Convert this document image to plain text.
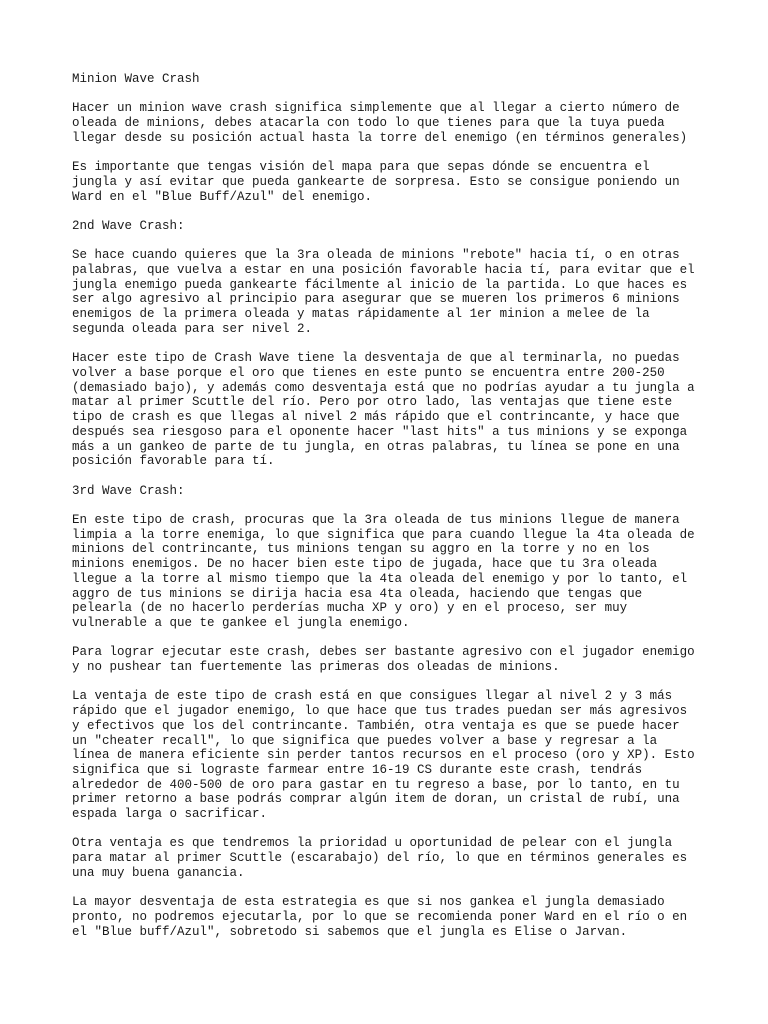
Minion Wave Crash
Hacer un minion wave crash significa simplemente que al llegar a cierto número de
oleada de minions, debes atacarla con todo lo que tienes para que la tuya pueda
llegar desde su posición actual hasta la torre del enemigo (en términos generales)
Es importante que tengas visión del mapa para que sepas dónde se encuentra el
jungla y así evitar que pueda gankearte de sorpresa. Esto se consigue poniendo un
Ward en el "Blue Buff/Azul" del enemigo.
2nd Wave Crash:
Se hace cuando quieres que la 3ra oleada de minions "rebote" hacia tí, o en otras
palabras, que vuelva a estar en una posición favorable hacia tí, para evitar que el
jungla enemigo pueda gankearte fácilmente al inicio de la partida. Lo que haces es
ser algo agresivo al principio para asegurar que se mueren los primeros 6 minions
enemigos de la primera oleada y matas rápidamente al 1er minion a melee de la
segunda oleada para ser nivel 2.
Hacer este tipo de Crash Wave tiene la desventaja de que al terminarla, no puedas
volver a base porque el oro que tienes en este punto se encuentra entre 200-250
(demasiado bajo), y además como desventaja está que no podrías ayudar a tu jungla a
matar al primer Scuttle del río. Pero por otro lado, las ventajas que tiene este
tipo de crash es que llegas al nivel 2 más rápido que el contrincante, y hace que
después sea riesgoso para el oponente hacer "last hits" a tus minions y se exponga
más a un gankeo de parte de tu jungla, en otras palabras, tu línea se pone en una
posición favorable para tí.
3rd Wave Crash:
En este tipo de crash, procuras que la 3ra oleada de tus minions llegue de manera
limpia a la torre enemiga, lo que significa que para cuando llegue la 4ta oleada de
minions del contrincante, tus minions tengan su aggro en la torre y no en los
minions enemigos. De no hacer bien este tipo de jugada, hace que tu 3ra oleada
llegue a la torre al mismo tiempo que la 4ta oleada del enemigo y por lo tanto, el
aggro de tus minions se dirija hacia esa 4ta oleada, haciendo que tengas que
pelearla (de no hacerlo perderías mucha XP y oro) y en el proceso, ser muy
vulnerable a que te gankee el jungla enemigo.
Para lograr ejecutar este crash, debes ser bastante agresivo con el jugador enemigo
y no pushear tan fuertemente las primeras dos oleadas de minions.
La ventaja de este tipo de crash está en que consigues llegar al nivel 2 y 3 más
rápido que el jugador enemigo, lo que hace que tus trades puedan ser más agresivos
y efectivos que los del contrincante. También, otra ventaja es que se puede hacer
un "cheater recall", lo que significa que puedes volver a base y regresar a la
línea de manera eficiente sin perder tantos recursos en el proceso (oro y XP). Esto
significa que si lograste farmear entre 16-19 CS durante este crash, tendrás
alrededor de 400-500 de oro para gastar en tu regreso a base, por lo tanto, en tu
primer retorno a base podrás comprar algún item de doran, un cristal de rubí, una
espada larga o sacrificar.
Otra ventaja es que tendremos la prioridad u oportunidad de pelear con el jungla
para matar al primer Scuttle (escarabajo) del río, lo que en términos generales es
una muy buena ganancia.
La mayor desventaja de esta estrategia es que si nos gankea el jungla demasiado
pronto, no podremos ejecutarla, por lo que se recomienda poner Ward en el río o en
el "Blue buff/Azul", sobretodo si sabemos que el jungla es Elise o Jarvan.
